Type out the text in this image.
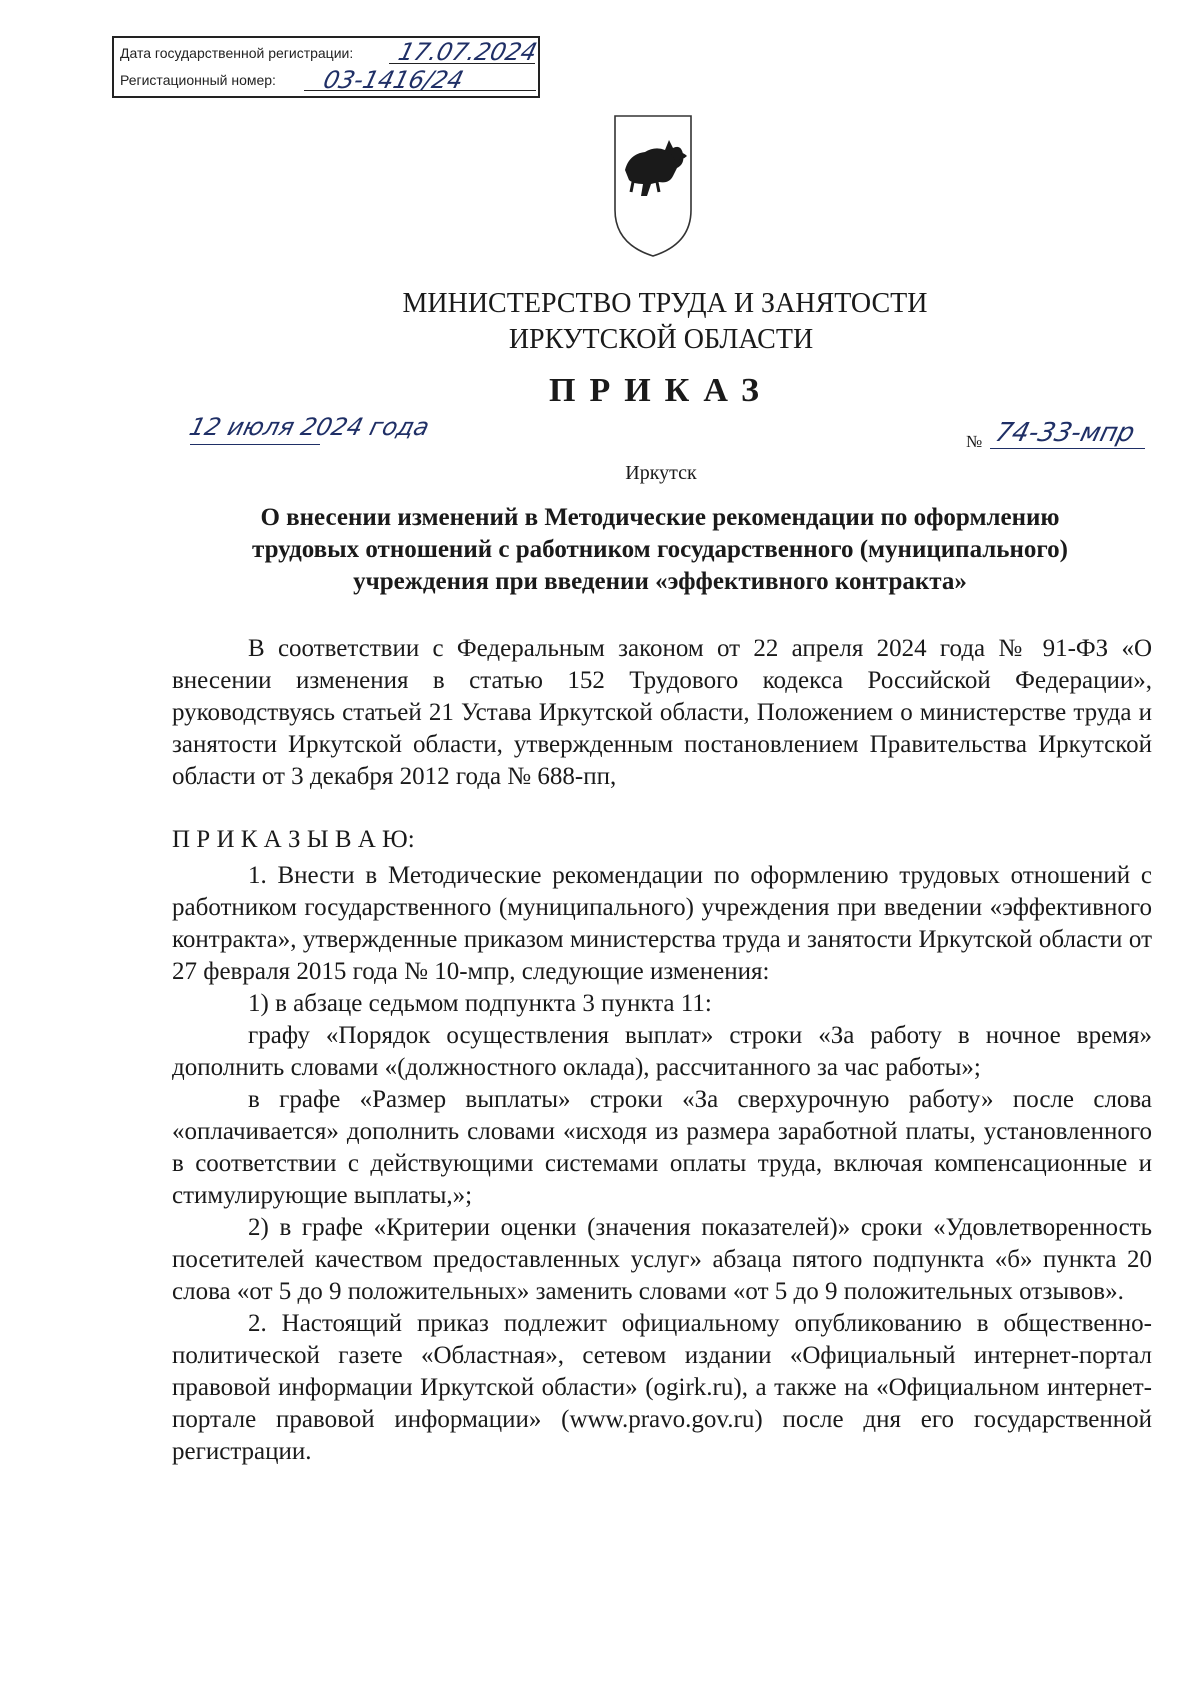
Дата государственной регистрации: 17.07.2024
Регистационный номер: 03-1416/24
МИНИСТЕРСТВО ТРУДА И ЗАНЯТОСТИ
ИРКУТСКОЙ ОБЛАСТИ
ПРИКАЗ
12 июля 2024 года
№ 74-33-мпр
Иркутск
О внесении изменений в Методические рекомендации по оформлению
трудовых отношений с работником государственного (муниципального)
учреждения при введении «эффективного контракта»

В соответствии с Федеральным законом от 22 апреля 2024 года № 91-ФЗ «О внесении изменения в статью 152 Трудового кодекса Российской Федерации», руководствуясь статьей 21 Устава Иркутской области, Положением о министерстве труда и занятости Иркутской области, утвержденным постановлением Правительства Иркутской области от 3 декабря 2012 года № 688-пп,

П Р И К А З Ы В А Ю:

1. Внести в Методические рекомендации по оформлению трудовых отношений с работником государственного (муниципального) учреждения при введении «эффективного контракта», утвержденные приказом министерства труда и занятости Иркутской области от 27 февраля 2015 года № 10-мпр, следующие изменения:

1) в абзаце седьмом подпункта 3 пункта 11:

графу «Порядок осуществления выплат» строки «За работу в ночное время» дополнить словами «(должностного оклада), рассчитанного за час работы»;

в графе «Размер выплаты» строки «За сверхурочную работу» после слова «оплачивается» дополнить словами «исходя из размера заработной платы, установленного в соответствии с действующими системами оплаты труда, включая компенсационные и стимулирующие выплаты,»;

2) в графе «Критерии оценки (значения показателей)» сроки «Удовлетворенность посетителей качеством предоставленных услуг» абзаца пятого подпункта «б» пункта 20 слова «от 5 до 9 положительных» заменить словами «от 5 до 9 положительных отзывов».

2. Настоящий приказ подлежит официальному опубликованию в общественно-политической газете «Областная», сетевом издании «Официальный интернет-портал правовой информации Иркутской области» (ogirk.ru), а также на «Официальном интернет-портале правовой информации» (www.pravo.gov.ru) после дня его государственной регистрации.
